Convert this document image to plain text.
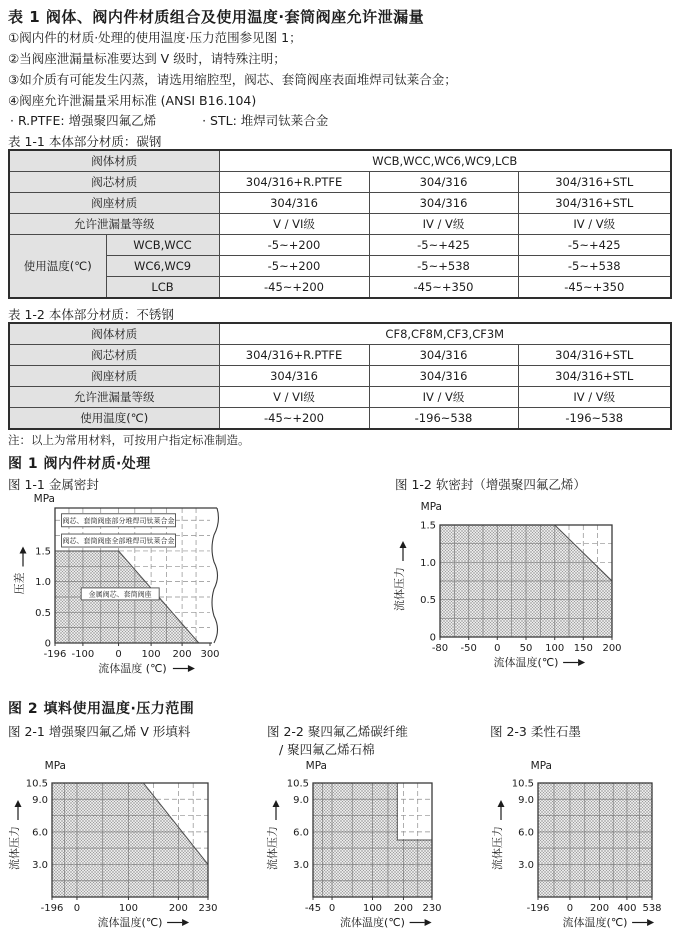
表 1 阀体、阀内件材质组合及使用温度·套筒阀座允许泄漏量
①阀内件的材质·处理的使用温度·压力范围参见图 1；
②当阀座泄漏量标准要达到 V 级时，请特殊注明；
③如介质有可能发生闪蒸，请选用缩腔型，阀芯、套筒阀座表面堆焊司钛莱合金；
④阀座允许泄漏量采用标准 (ANSI B16.104)
· R.PTFE: 增强聚四氟乙烯	· STL: 堆焊司钛莱合金
表 1-1 本体部分材质：碳钢
阀体材质		WCB,WCC,WC6,WC9,LCB		
阀芯材质		304/316+R.PTFE	304/316	304/316+STL
阀座材质		304/316	304/316	304/316+STL
允许泄漏量等级		V / VI级	IV / V级	IV / V级
使用温度(℃)	WCB,WCC	-5~+200	-5~+425	-5~+425
	WC6,WC9	-5~+200	-5~+538	-5~+538
	LCB	-45~+200	-45~+350	-45~+350
表 1-2 本体部分材质：不锈钢
阀体材质	CF8,CF8M,CF3,CF3M		
阀芯材质	304/316+R.PTFE	304/316	304/316+STL
阀座材质	304/316	304/316	304/316+STL
允许泄漏量等级	V / VI级	IV / V级	IV / V级
使用温度(℃)	-45~+200	-196~538	-196~538
注：以上为常用材料，可按用户指定标准制造。
图 1 阀内件材质·处理
图 1-1 金属密封	图 1-2 软密封（增强聚四氟乙烯）
-196 -100 0 100 200 300
0
0.5
1.0
1.5
MPa
流体温度 (℃)
压差
阀芯、套筒阀座部分堆焊司钛莱合金
阀芯、套筒阀座全部堆焊司钛莱合金
金属阀芯、套筒阀座
-80 -50 0 50 100 150 200
0
0.5
1.0
1.5
MPa
流体温度(℃)
流体压力
图 2 填料使用温度·压力范围
图 2-1 增强聚四氟乙烯 V 形填料	图 2-2 聚四氟乙烯碳纤维
/ 聚四氟乙烯石棉
图 2-3 柔性石墨
-196 0	100	200 230
3.0
6.0
9.0
10.5
MPa
流体温度(℃)
流体压力
-45 0	100 200 230
3.0
6.0
9.0
10.5
MPa
流体温度(℃)
流体压力
-196 0 200 400 538
3.0
6.0
9.0
10.5
MPa
流体温度(℃)
流体压力
